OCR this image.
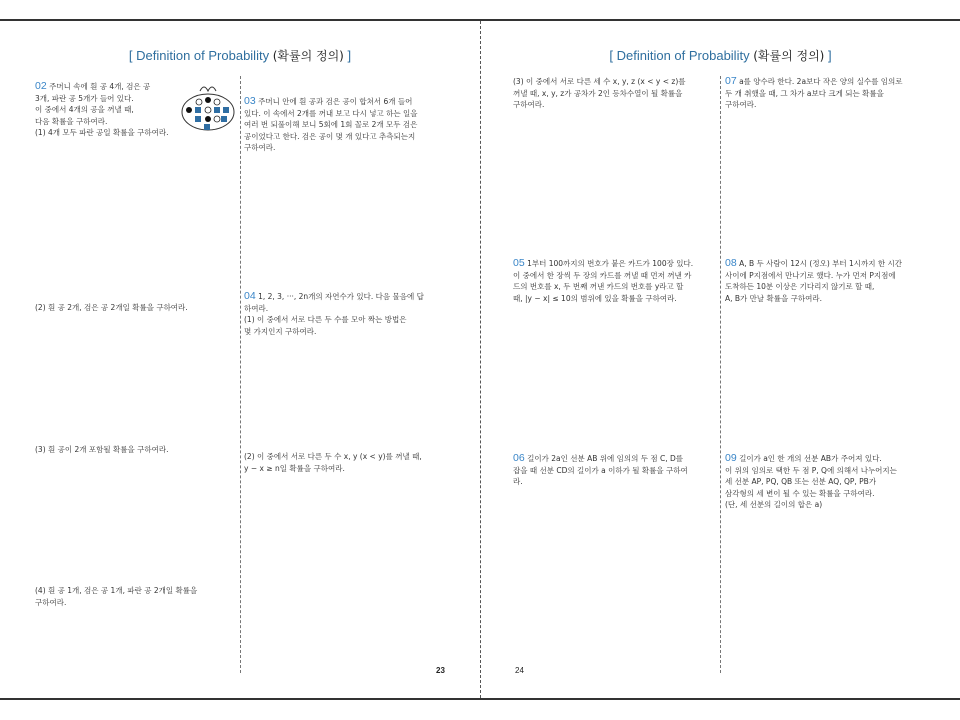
[ Definition of Probability (확률의 정의) ]
02 주머니 속에 흰 공 4개, 검은 공
3개, 파란 공 5개가 들어 있다.
이 중에서 4개의 공을 꺼낼 때,
다음 확률을 구하여라.
(1) 4개 모두 파란 공일 확률을 구하여라.
(2) 흰 공 2개, 검은 공 2개일 확률을 구하여라.
(3) 흰 공이 2개 포함될 확률을 구하여라.
(4) 흰 공 1개, 검은 공 1개, 파란 공 2개일 확률을
구하여라.
03 주머니 안에 흰 공과 검은 공이 합쳐서 6개 들어
있다. 이 속에서 2개를 꺼내 보고 다시 넣고 하는 일을
여러 번 되풀이해 보니 5회에 1회 꼴로 2개 모두 검은
공이었다고 한다. 검은 공이 몇 개 있다고 추측되는지
구하여라.
04 1, 2, 3, ···, 2n개의 자연수가 있다. 다음 물음에 답
하여라.
(1) 이 중에서 서로 다른 두 수를 모아 짝는 방법은
몇 가지인지 구하여라.
(2) 이 중에서 서로 다른 두 수 x, y (x < y)를 꺼낼 때,
y − x ≥ n일 확률을 구하여라.
23
[ Definition of Probability (확률의 정의) ]
(3) 이 중에서 서로 다른 세 수 x, y, z (x < y < z)를
꺼낼 때, x, y, z가 공차가 2인 등차수열이 될 확률을
구하여라.
05 1부터 100까지의 번호가 붙은 카드가 100장 있다.
이 중에서 한 장씩 두 장의 카드를 꺼낼 때 먼저 꺼낸 카
드의 번호를 x, 두 번째 꺼낸 카드의 번호를 y라고 할
때, |y − x| ≤ 10의 범위에 있을 확률을 구하여라.
06 길이가 2a인 선분 AB 위에 임의의 두 점 C, D를
잡을 때 선분 CD의 길이가 a 이하가 될 확률을 구하여
라.
07 a를 양수라 한다. 2a보다 작은 양의 실수를 임의로
두 개 취했을 때, 그 차가 a보다 크게 되는 확률을
구하여라.
08 A, B 두 사람이 12시 (정오) 부터 1시까지 한 시간
사이에 P지점에서 만나기로 했다. 누가 먼저 P지점에
도착하든 10분 이상은 기다리지 않기로 할 때,
A, B가 만날 확률을 구하여라.
09 길이가 a인 한 개의 선분 AB가 주어져 있다.
이 위의 임의로 택한 두 점 P, Q에 의해서 나누어지는
세 선분 AP, PQ, QB 또는 선분 AQ, QP, PB가
삼각형의 세 변이 될 수 있는 확률을 구하여라.
(단, 세 선분의 길이의 합은 a)
24
